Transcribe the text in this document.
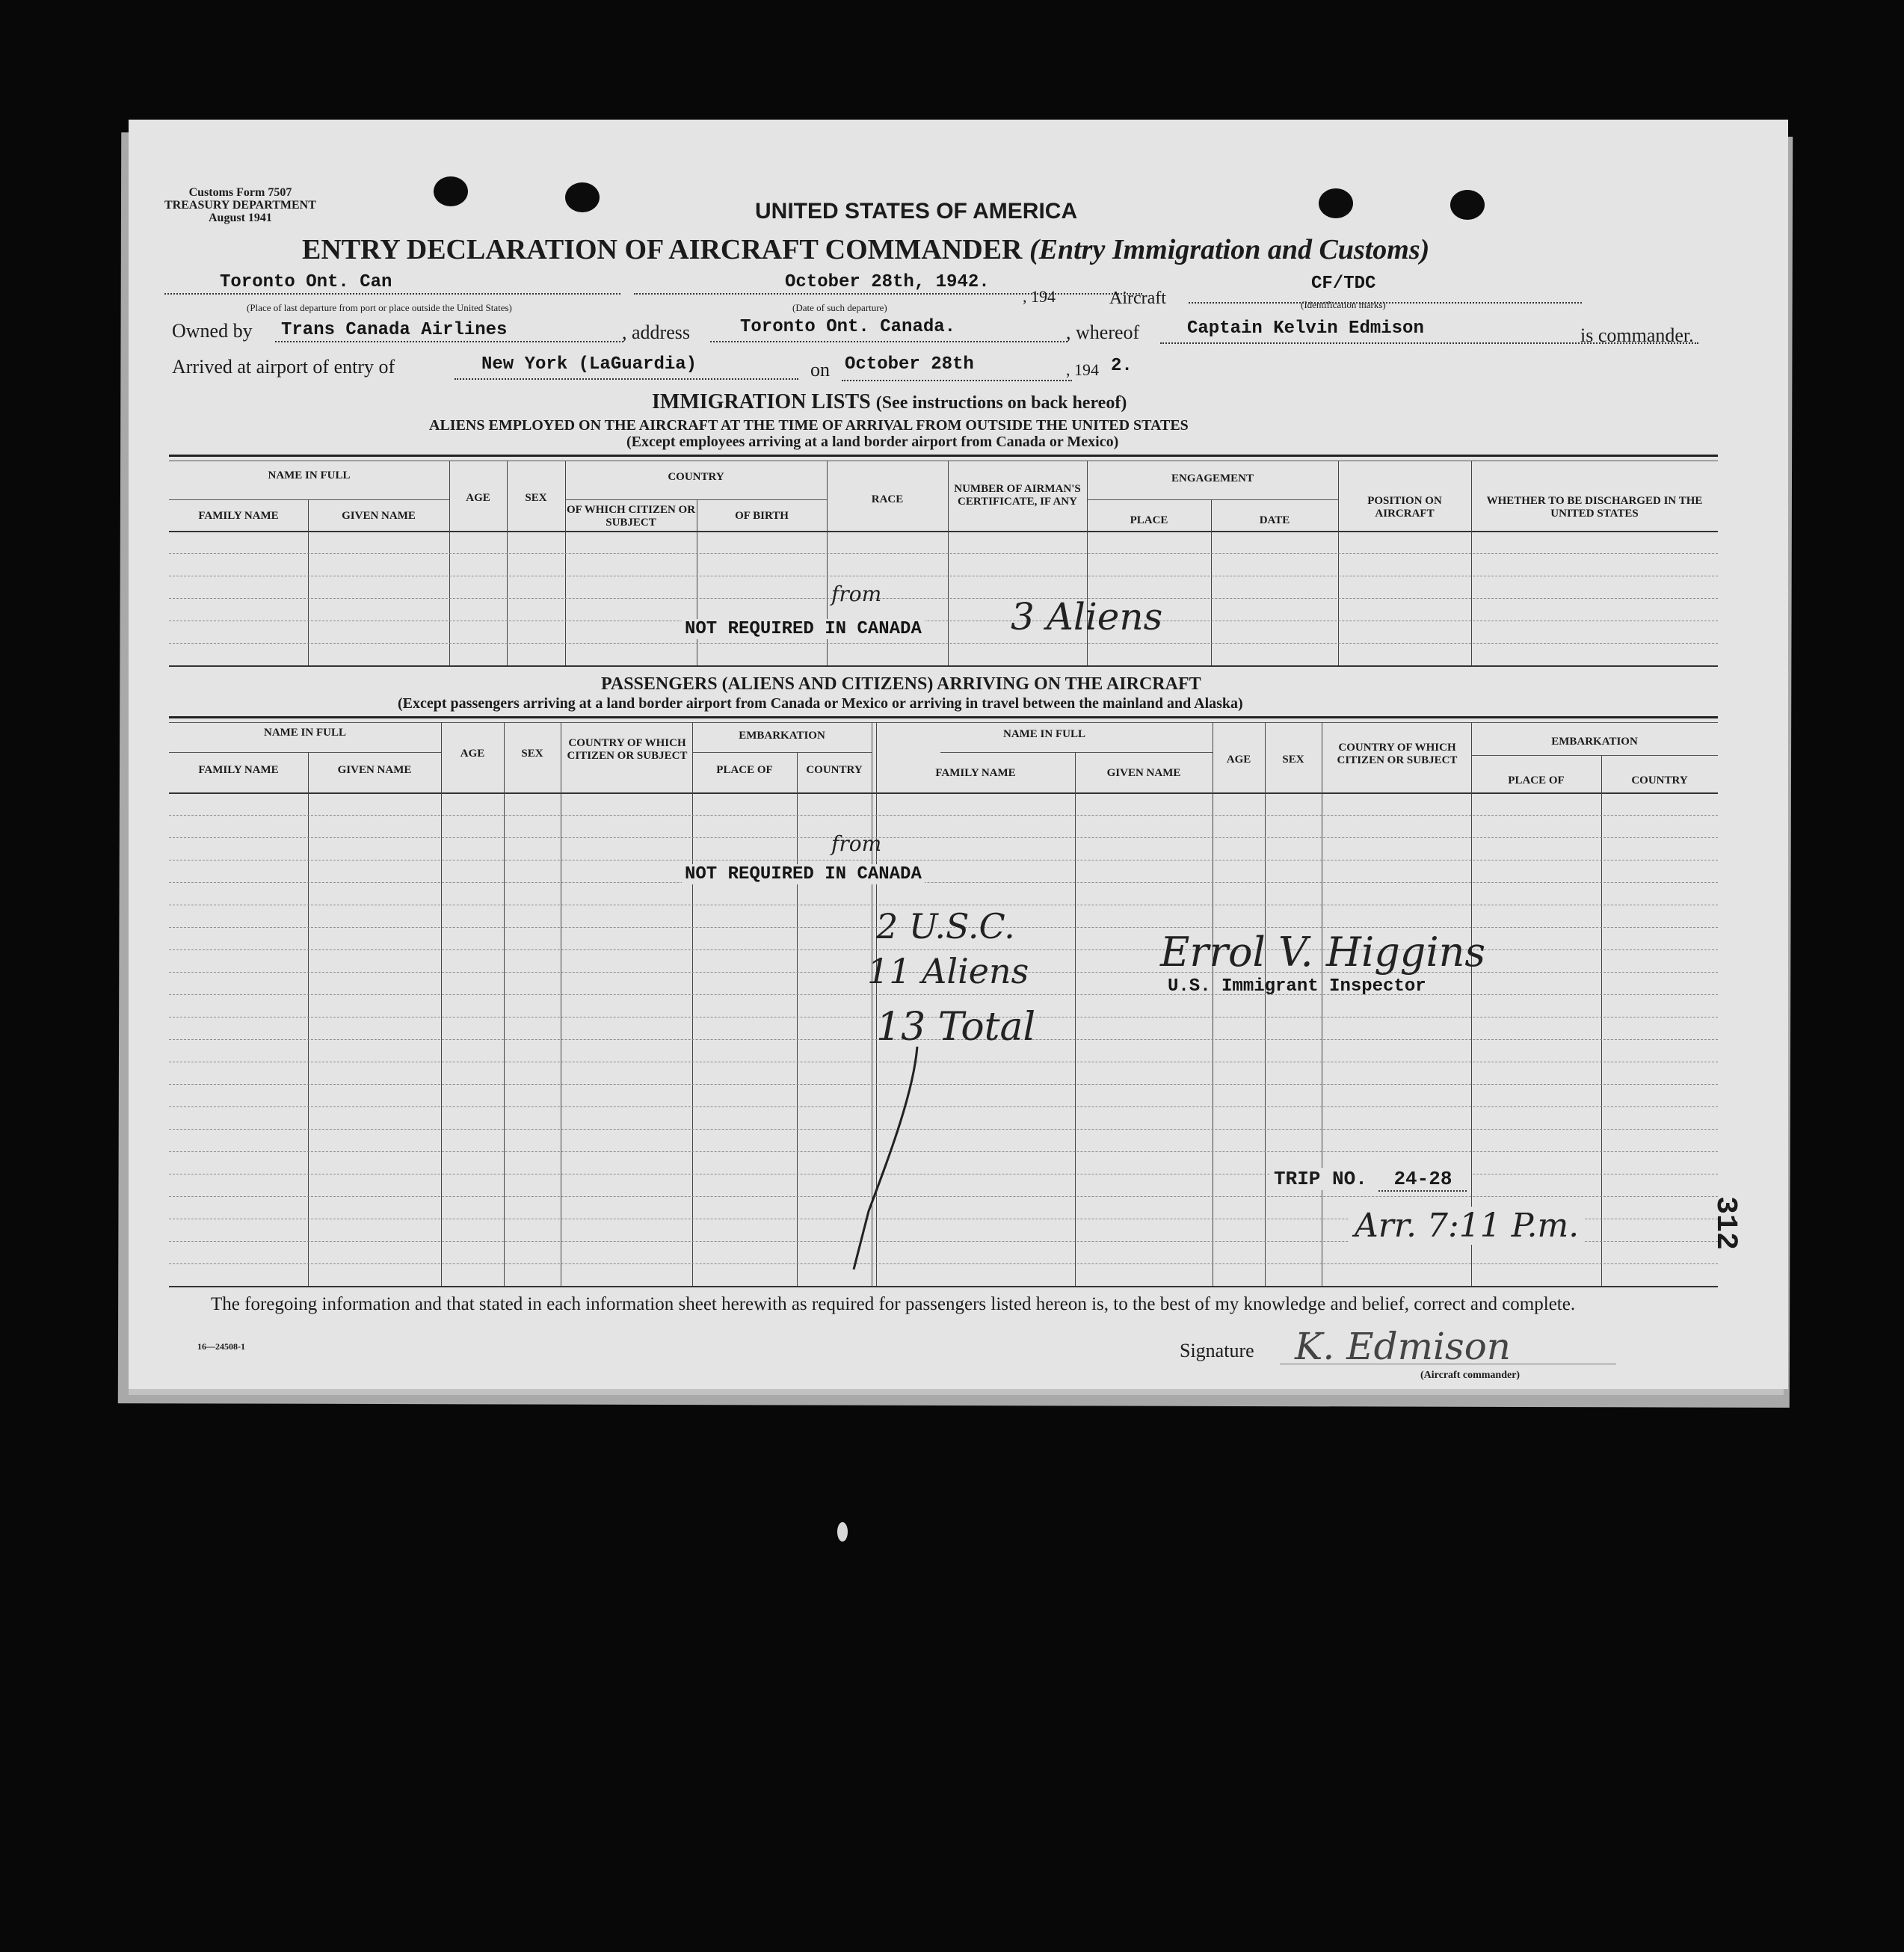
Customs Form 7507
TREASURY DEPARTMENT
August 1941	UNITED STATES OF AMERICA
ENTRY DECLARATION OF AIRCRAFT COMMANDER (Entry Immigration and Customs)
Toronto Ont. Can
(Place of last departure from port or place outside the United States)
October 28th, 1942.
, 194
(Date of such departure)	Aircraft
CF/TDC
(Identification marks)
Owned by Trans Canada Airlines	, address	Toronto Ont. Canada.	, whereof	Captain Kelvin Edmison	is commander.
Arrived at airport of entry of	New York (LaGuardia)	on October 28th	, 194 2.
IMMIGRATION LISTS (See instructions on back hereof)
ALIENS EMPLOYED ON THE AIRCRAFT AT THE TIME OF ARRIVAL FROM OUTSIDE THE UNITED STATES
(Except employees arriving at a land border airport from Canada or Mexico)
NAME IN FULL
FAMILY NAME	GIVEN NAME
AGE	SEX
COUNTRY
OF WHICH CITIZEN OR SUBJECT
OF BIRTH
RACE
NUMBER OF AIRMAN'S CERTIFICATE, IF ANY
ENGAGEMENT
PLACE	DATE
POSITION ON AIRCRAFT
WHETHER TO BE DISCHARGED IN THE UNITED STATES
NOT REQUIRED IN CANADA
from
3 Aliens
PASSENGERS (ALIENS AND CITIZENS) ARRIVING ON THE AIRCRAFT
(Except passengers arriving at a land border airport from Canada or Mexico or arriving in travel between the mainland and Alaska)
NAME IN FULL
FAMILY NAME	GIVEN NAME
AGE	SEX
COUNTRY OF WHICH CITIZEN OR SUBJECT
EMBARKATION
PLACE OF	COUNTRY
NAME IN FULL
FAMILY NAME	GIVEN NAME
AGE	SEX
COUNTRY OF WHICH CITIZEN OR SUBJECT
EMBARKATION
PLACE OF	COUNTRY
NOT REQUIRED IN CANADA
from
2 U.S.C.
11 Aliens
13 Total
Errol V. Higgins
U.S. Immigrant Inspector
TRIP NO. 24-28
Arr. 7:11 P.m.	312
The foregoing information and that stated in each information sheet herewith as required for passengers listed hereon is, to the best of my knowledge and belief, correct and complete.
16—24508-1	Signature K. Edmison
(Aircraft commander)
